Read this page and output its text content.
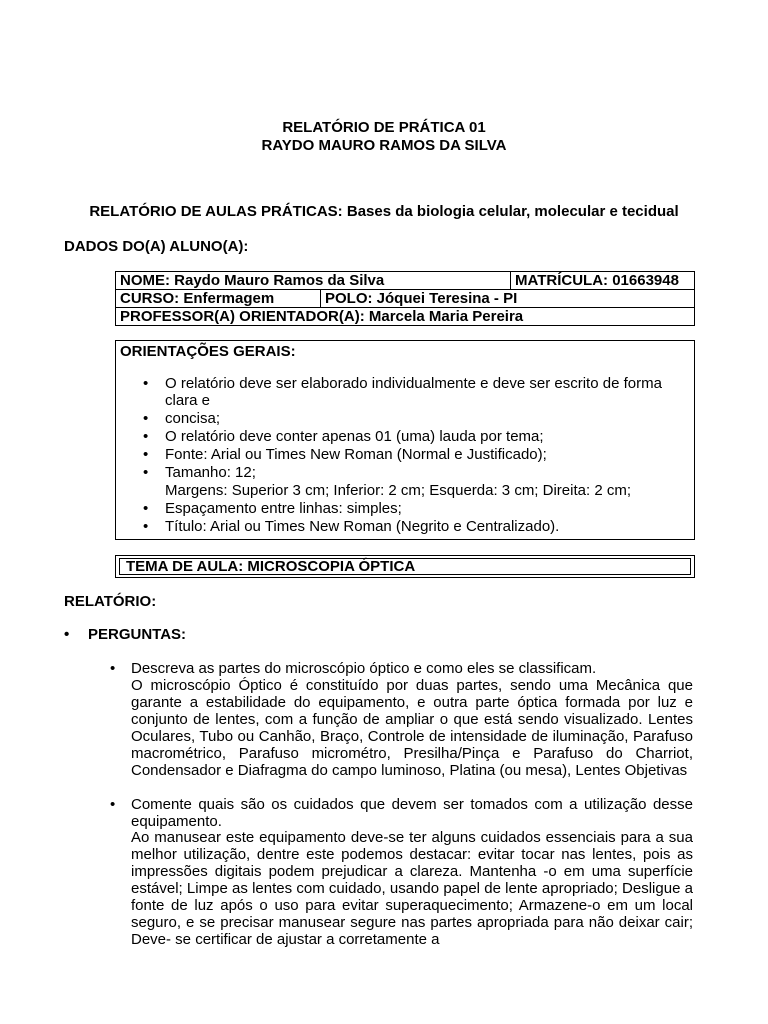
RELATÓRIO DE PRÁTICA 01
RAYDO MAURO RAMOS DA SILVA
RELATÓRIO DE AULAS PRÁTICAS: Bases da biologia celular, molecular e tecidual
DADOS DO(A) ALUNO(A):
NOME: Raydo Mauro Ramos da Silva		MATRÍCULA: 01663948
CURSO: Enfermagem	POLO: Jóquei Teresina - PI	
PROFESSOR(A) ORIENTADOR(A): Marcela Maria Pereira		
ORIENTAÇÕES GERAIS:
• O relatório deve ser elaborado individualmente e deve ser escrito de forma
clara e
• concisa;
• O relatório deve conter apenas 01 (uma) lauda por tema;
• Fonte: Arial ou Times New Roman (Normal e Justificado);
• Tamanho: 12;
Margens: Superior 3 cm; Inferior: 2 cm; Esquerda: 3 cm; Direita: 2 cm;
• Espaçamento entre linhas: simples;
• Título: Arial ou Times New Roman (Negrito e Centralizado).
TEMA DE AULA: MICROSCOPIA ÓPTICA
RELATÓRIO:
• PERGUNTAS:
• Descreva as partes do microscópio óptico e como eles se classificam.
O microscópio Óptico é constituído por duas partes, sendo uma Mecânica que garante a estabilidade do equipamento, e outra parte óptica formada por luz e conjunto de lentes, com a função de ampliar o que está sendo visualizado. Lentes Oculares, Tubo ou Canhão, Braço, Controle de intensidade de iluminação, Parafuso macrométrico, Parafuso micrométro, Presilha/Pinça e Parafuso do Charriot, Condensador e Diafragma do campo luminoso, Platina (ou mesa), Lentes Objetivas
• Comente quais são os cuidados que devem ser tomados com a utilização desse equipamento.
Ao manusear este equipamento deve-se ter alguns cuidados essenciais para a sua melhor utilização, dentre este podemos destacar: evitar tocar nas lentes, pois as impressões digitais podem prejudicar a clareza. Mantenha -o em uma superfície estável; Limpe as lentes com cuidado, usando papel de lente apropriado; Desligue a fonte de luz após o uso para evitar superaquecimento; Armazene-o em um local seguro, e se precisar manusear segure nas partes apropriada para não deixar cair; Deve- se certificar de ajustar a corretamente a
